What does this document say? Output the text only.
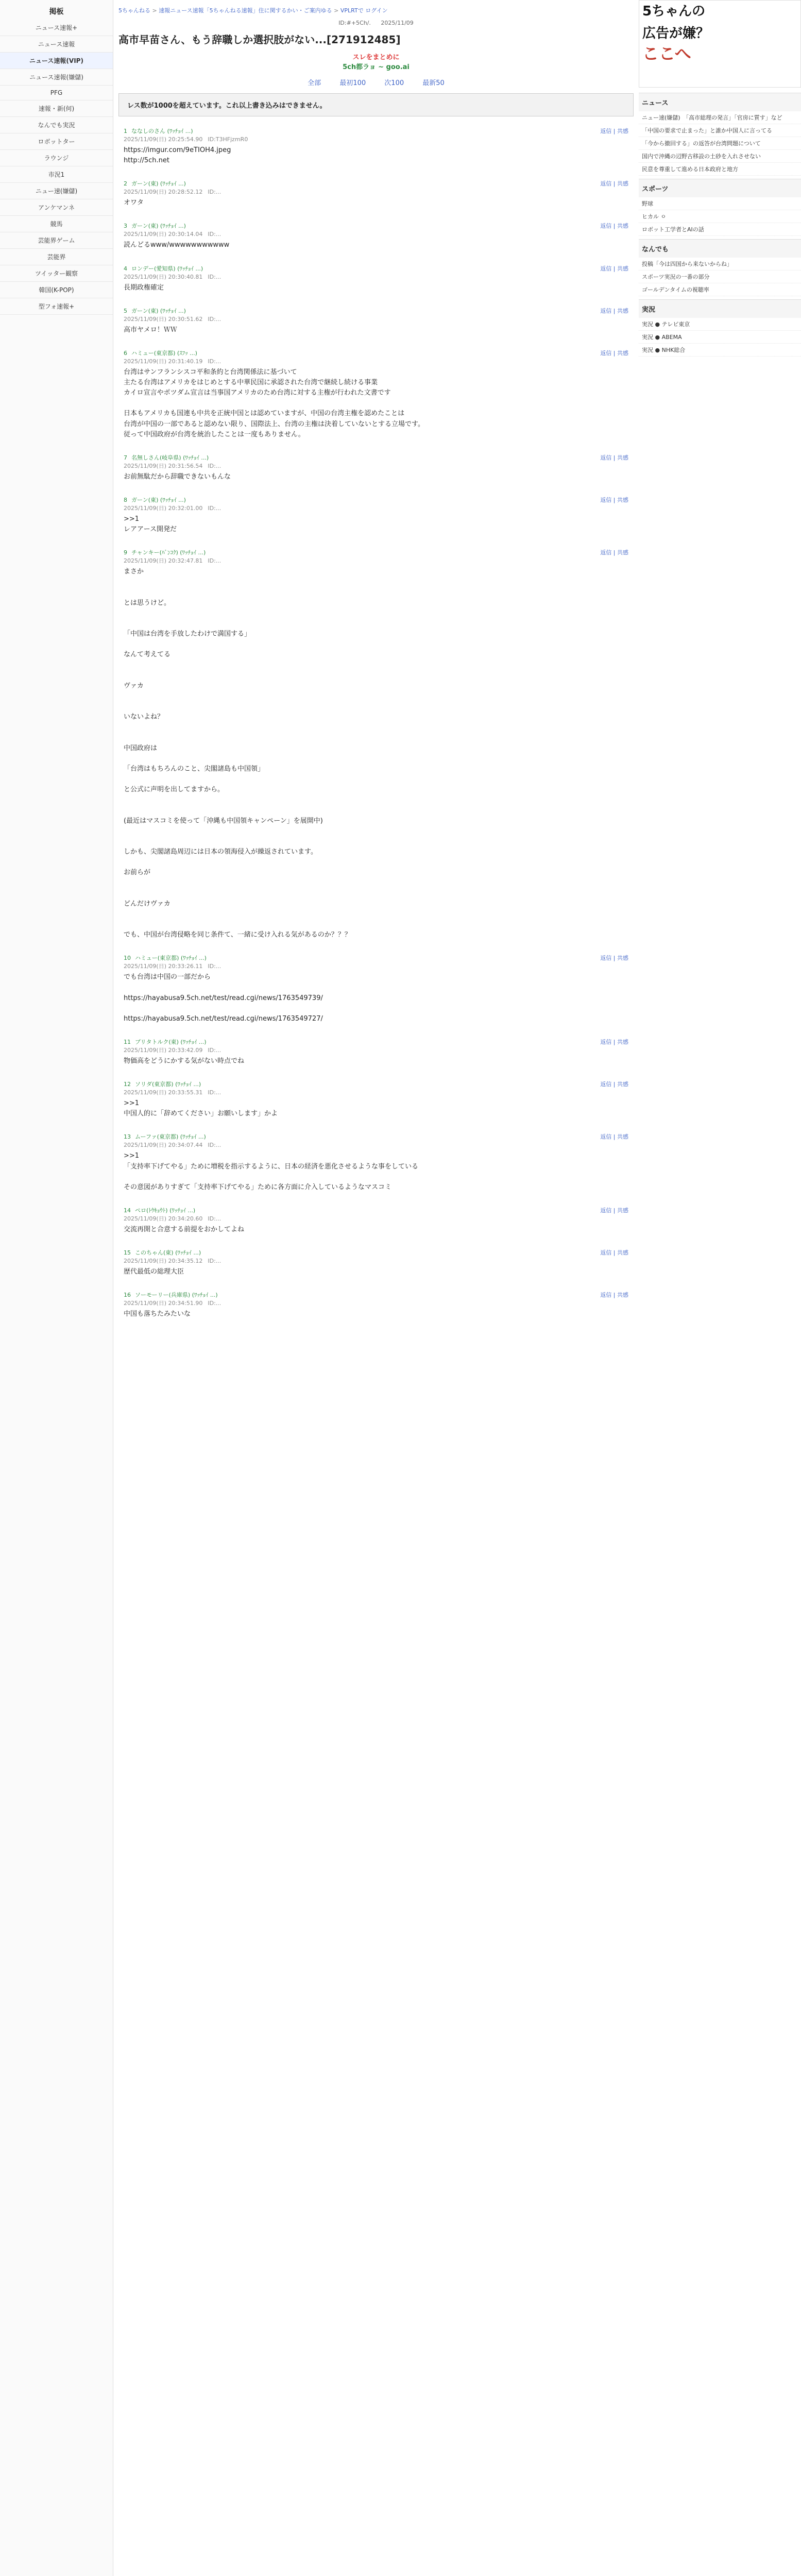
掲板
ニュース速報+
ニュース速報
ニュース速報(VIP)
ニュース速報(嫌儲)
PFG
速報・新(何)
なんでも実況
ロボットター
ラウンジ
市況1
ニュー速(嫌儲)
アンケマンネ
競馬
芸能界ゲーム
芸能界
ツイッター観察
韓国(K-POP)
型フォ速報+
5ちゃんねる > 速報ニュース速報「5ちゃんねる速報」住に関するかい・ご案内ゆる > VPLRTで ログイン
ID:#+5Ch/. 2025/11/09
高市早苗さん、もう辞職しか選択肢がない...[271912485]
スレをまとめに
5ch都ラョ ~ goo.ai
全部	最初100	次100	最新50
レス数が1000を超えています。これ以上書き込みはできません。
1 ななしのさん (ﾜｯﾁｮｲ ...)
2025/11/09(日) 20:25:54.90 ID:T3HFjzmR0
返信 | 共感
https://imgur.com/9eTIOH4.jpeg
http://5ch.net
2 ガーン(東) (ﾜｯﾁｮｲ ...)
2025/11/09(日) 20:28:52.12 ID:...
返信 | 共感
オワタ
3 ガーン(東) (ﾜｯﾁｮｲ ...)
2025/11/09(日) 20:30:14.04 ID:...
返信 | 共感
読んどるwww/wwwwwwwwwww
4 ロンデー(愛知県) (ﾜｯﾁｮｲ ...)
2025/11/09(日) 20:30:40.81 ID:...
返信 | 共感
長期政権確定
5 ガーン(東) (ﾜｯﾁｮｲ ...)
2025/11/09(日) 20:30:51.62 ID:...
返信 | 共感
高市ヤメロ！ＷＷ
6 ハミュー(東京都) (ｽﾌｯ ...)
2025/11/09(日) 20:31:40.19 ID:...
返信 | 共感
台湾はサンフランシスコ平和条約と台湾関係法に基づいて
主たる台湾はアメリカをはじめとする中華民国に承認された台湾で継続し続ける事業
カイロ宣言やポツダム宣言は当事国アメリカのため台湾に対する主権が行われた文書です

日本もアメリカも国連も中共を正統中国とは認めていますが、中国の台湾主権を認めたことは
台湾が中国の一部であると認めない限り、国際法上、台湾の主権は決着していないとする立場です。
従って中国政府が台湾を統治したことは一度もありません。
7 名無しさん(岐阜県) (ﾜｯﾁｮｲ ...)
2025/11/09(日) 20:31:56.54 ID:...
返信 | 共感
お前無駄だから辞職できないもんな
8 ガーン(東) (ﾜｯﾁｮｲ ...)
2025/11/09(日) 20:32:01.00 ID:...
返信 | 共感
>>1
レアアース開発だ
9 チャンキー(ﾊﾞﾝｺｸ) (ﾜｯﾁｮｲ ...)
2025/11/09(日) 20:32:47.81 ID:...
返信 | 共感
まさか

とは思うけど。

「中国は台湾を手放したわけで満国する」

なんて考えてる

ヴァカ

いないよね？

中国政府は

「台湾はもちろんのこと、尖閣諸島も中国領」

と公式に声明を出してますから。

(最近はマスコミを使って「沖縄も中国領キャンペーン」を展開中)

しかも、尖閣諸島周辺には日本の領海侵入が繰返されています。

お前らが

どんだけヴァカ

でも、中国が台湾侵略を同じ条件て、一緒に受け入れる気があるのか？？？
10 ハミュー(東京都) (ﾜｯﾁｮｲ ...)
2025/11/09(日) 20:33:26.11 ID:...
返信 | 共感
でも台湾は中国の一部だから

https://hayabusa9.5ch.net/test/read.cgi/news/1763549739/

https://hayabusa9.5ch.net/test/read.cgi/news/1763549727/
11 ブリタトルク(東) (ﾜｯﾁｮｲ ...)
2025/11/09(日) 20:33:42.09 ID:...
返信 | 共感
物価高をどうにかする気がない時点でね
12 ソリダ(東京都) (ﾜｯﾁｮｲ ...)
2025/11/09(日) 20:33:55.31 ID:...
返信 | 共感
>>1
中国人的に「辞めてください」お願いします」かよ
13 ムーファ(東京都) (ﾜｯﾁｮｲ ...)
2025/11/09(日) 20:34:07.44 ID:...
返信 | 共感
>>1
「支持率下げてやる」ために増税を指示するように、日本の経済を悪化させるような事をしている

その意図がありすぎて「支持率下げてやる」ために各方面に介入しているようなマスコミ
14 ペロ(ﾄｳｷｮｳﾄ) (ﾜｯﾁｮｲ ...)
2025/11/09(日) 20:34:20.60 ID:...
返信 | 共感
交流再開と合意する前提をおかしてよね
15 このちゃん(東) (ﾜｯﾁｮｲ ...)
2025/11/09(日) 20:34:35.12 ID:...
返信 | 共感
歴代最低の総理大臣
16 ソーモーリー(兵庫県) (ﾜｯﾁｮｲ ...)
2025/11/09(日) 20:34:51.90 ID:...
返信 | 共感
中国も落ちたみたいな
5ちゃんの
広告が嫌？
ここへ
ニュース
ニュー速(嫌儲)　「高市総理の発言」「官房に質す」など
「中国の要求で止まった」と誰か中国人に言ってる
「今から撤回する」の返答が台湾問題について
国内で沖縄の辺野古移設の土砂を入れさせない
民意を尊重して進める日本政府と地方
スポーツ
野球
ヒカル ㅇ
ロボット工学者とAIの話
なんでも
投稿「今は四国から来ないからね」
スポーツ実況の一番の部分
ゴールデンタイムの視聴率
実況
実況 ● テレビ東京
実況 ● ABEMA
実況 ● NHK総合
